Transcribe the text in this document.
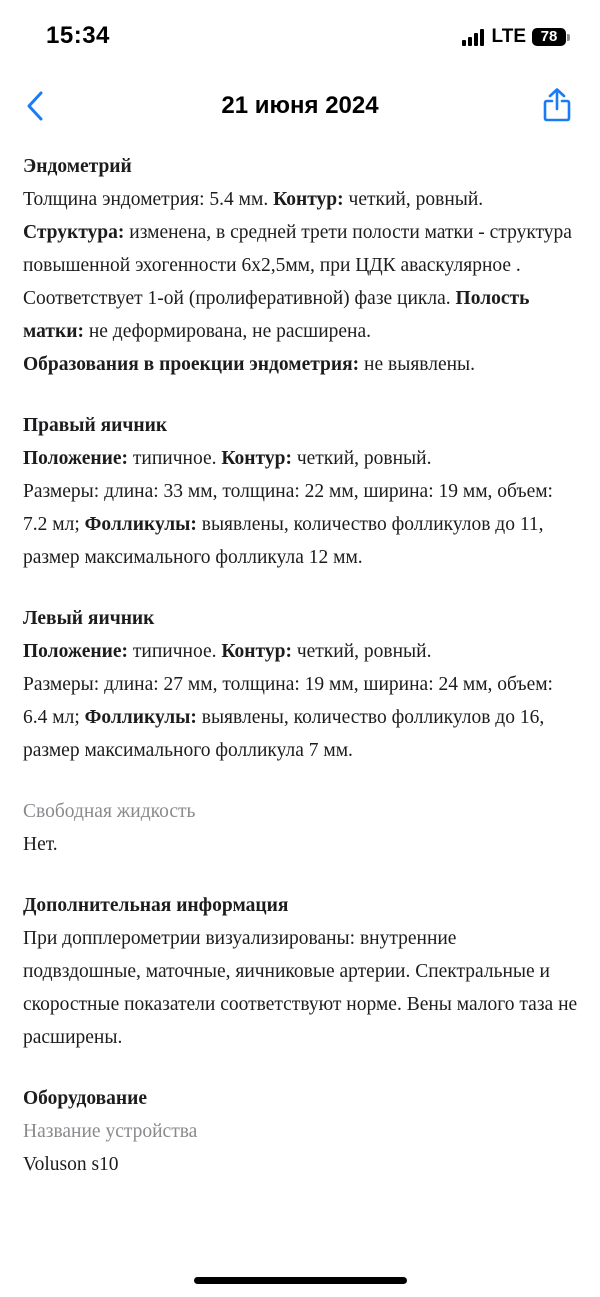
15:34	LTE 78
21 июня 2024
Эндометрий
Толщина эндометрия: 5.4 мм. Контур: четкий, ровный.
Структура: изменена, в средней трети полости матки - структура повышенной эхогенности 6х2,5мм, при ЦДК аваскулярное . Соответствует 1-ой (пролиферативной) фазе цикла. Полость матки: не деформирована, не расширена.
Образования в проекции эндометрия: не выявлены.
Правый яичник
Положение: типичное. Контур: четкий, ровный.
Размеры: длина: 33 мм, толщина: 22 мм, ширина: 19 мм, объем: 7.2 мл; Фолликулы: выявлены, количество фолликулов до 11, размер максимального фолликула 12 мм.
Левый яичник
Положение: типичное. Контур: четкий, ровный.
Размеры: длина: 27 мм, толщина: 19 мм, ширина: 24 мм, объем: 6.4 мл; Фолликулы: выявлены, количество фолликулов до 16, размер максимального фолликула 7 мм.
Свободная жидкость
Нет.
Дополнительная информация
При допплерометрии визуализированы: внутренние подвздошные, маточные, яичниковые артерии. Спектральные и скоростные показатели соответствуют норме. Вены малого таза не расширены.
Оборудование
Название устройства
Voluson s10
